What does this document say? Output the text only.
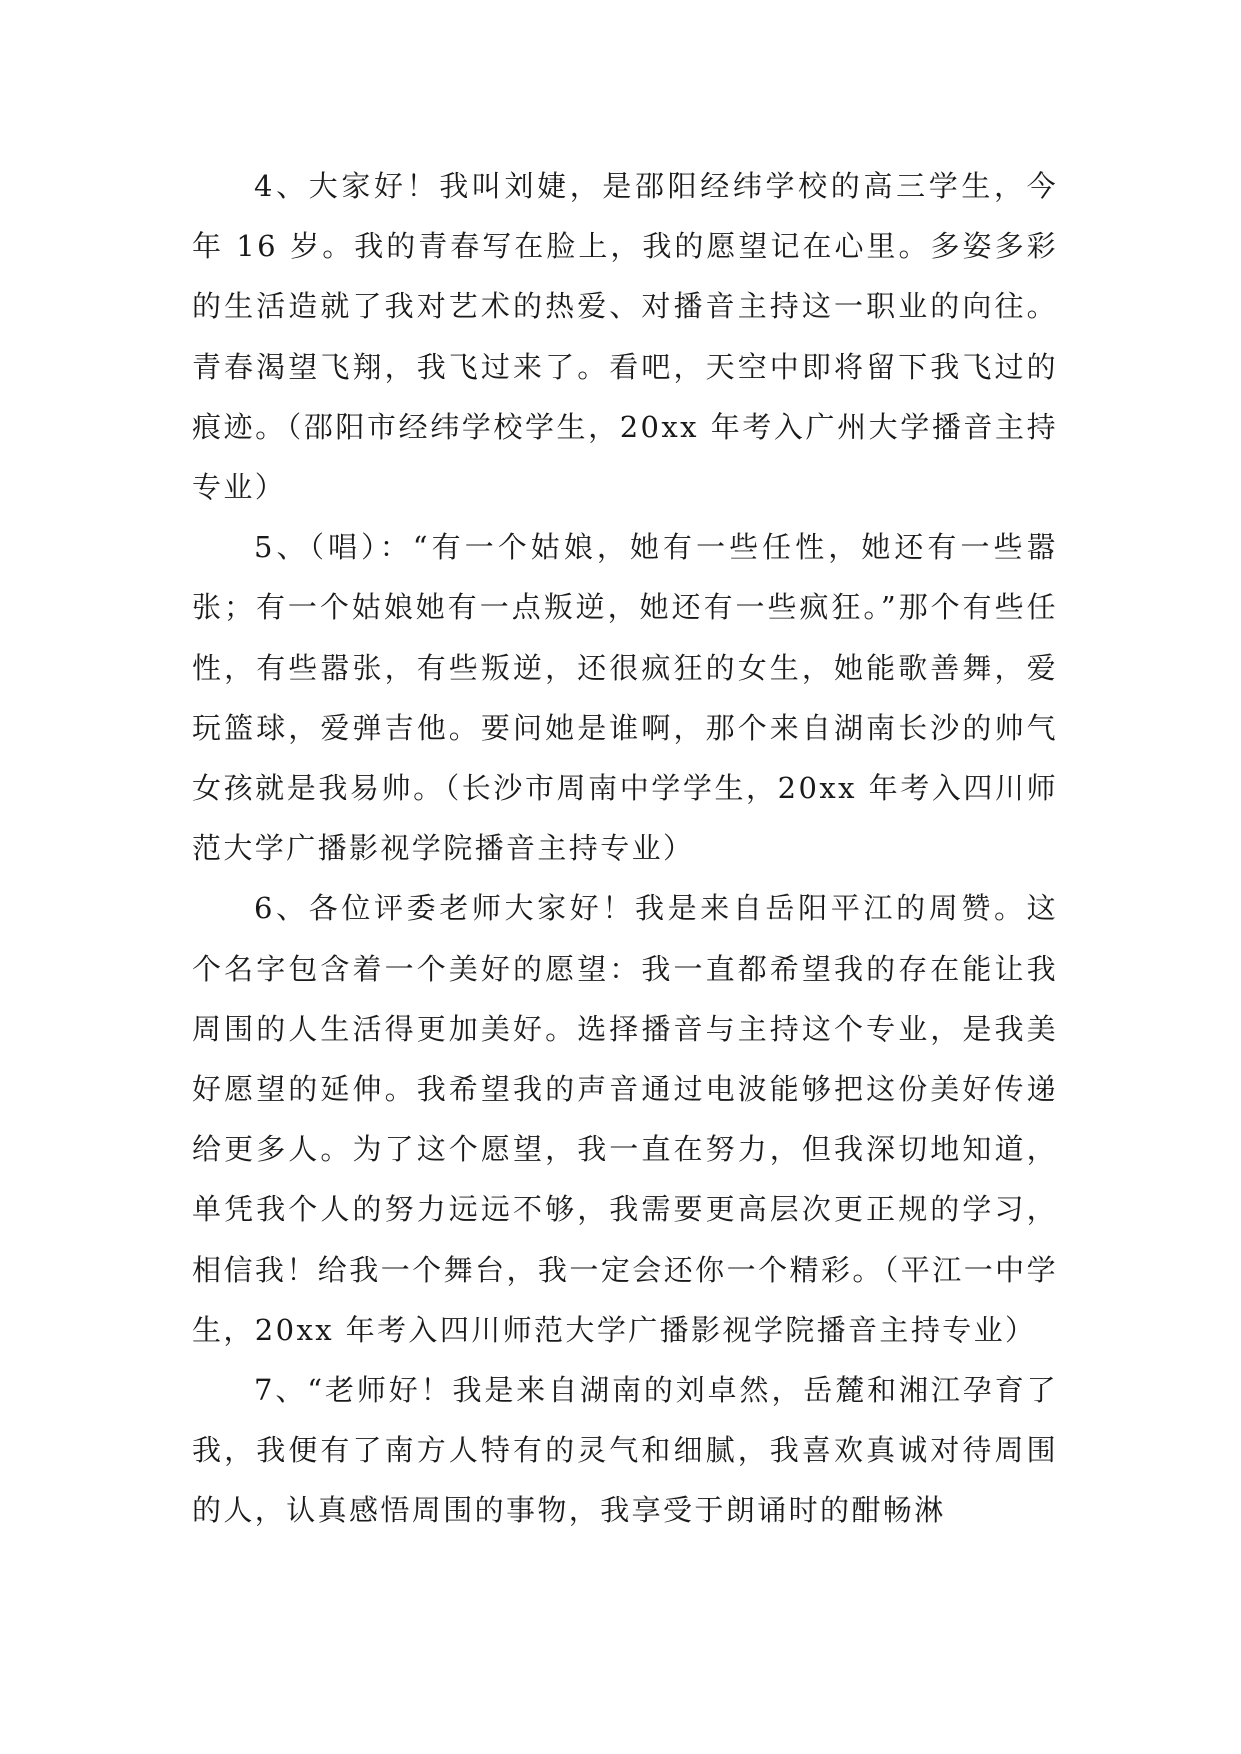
4、大家好！我叫刘婕，是邵阳经纬学校的高三学生，今年 16 岁。我的青春写在脸上，我的愿望记在心里。多姿多彩的生活造就了我对艺术的热爱、对播音主持这一职业的向往。青春渴望飞翔，我飞过来了。看吧，天空中即将留下我飞过的痕迹。（邵阳市经纬学校学生，20xx 年考入广州大学播音主持专业）

5、（唱）：“有一个姑娘，她有一些任性，她还有一些嚣张；有一个姑娘她有一点叛逆，她还有一些疯狂。”那个有些任性，有些嚣张，有些叛逆，还很疯狂的女生，她能歌善舞，爱玩篮球，爱弹吉他。要问她是谁啊，那个来自湖南长沙的帅气女孩就是我易帅。（长沙市周南中学学生，20xx 年考入四川师范大学广播影视学院播音主持专业）

6、各位评委老师大家好！我是来自岳阳平江的周赞。这个名字包含着一个美好的愿望：我一直都希望我的存在能让我周围的人生活得更加美好。选择播音与主持这个专业，是我美好愿望的延伸。我希望我的声音通过电波能够把这份美好传递给更多人。为了这个愿望，我一直在努力，但我深切地知道，单凭我个人的努力远远不够，我需要更高层次更正规的学习，相信我！给我一个舞台，我一定会还你一个精彩。（平江一中学生，20xx 年考入四川师范大学广播影视学院播音主持专业）

7、“老师好！我是来自湖南的刘卓然，岳麓和湘江孕育了我，我便有了南方人特有的灵气和细腻，我喜欢真诚对待周围的人，认真感悟周围的事物，我享受于朗诵时的酣畅淋
